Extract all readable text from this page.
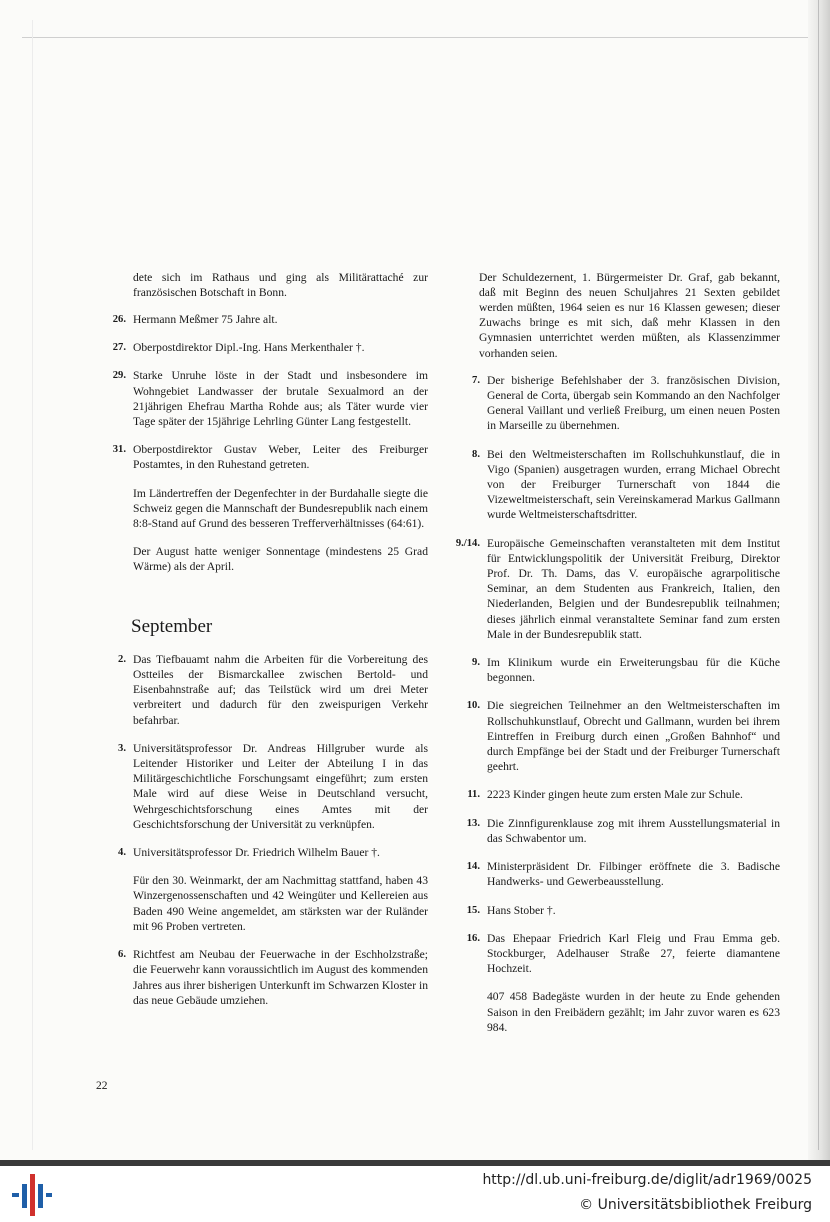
dete sich im Rathaus und ging als Militärattaché zur französischen Botschaft in Bonn.

26. Hermann Meßmer 75 Jahre alt.

27. Oberpostdirektor Dipl.-Ing. Hans Merkenthaler †.

29. Starke Unruhe löste in der Stadt und insbesondere im Wohngebiet Landwasser der brutale Sexualmord an der 21jährigen Ehefrau Martha Rohde aus; als Täter wurde vier Tage später der 15jährige Lehrling Günter Lang festgestellt.

31. Oberpostdirektor Gustav Weber, Leiter des Freiburger Postamtes, in den Ruhestand getreten.

Im Ländertreffen der Degenfechter in der Burdahalle siegte die Schweiz gegen die Mannschaft der Bundesrepublik nach einem 8:8-Stand auf Grund des besseren Trefferverhältnisses (64:61).

Der August hatte weniger Sonnentage (mindestens 25 Grad Wärme) als der April.

September
2. Das Tiefbauamt nahm die Arbeiten für die Vorbereitung des Ostteiles der Bismarckallee zwischen Bertold- und Eisenbahnstraße auf; das Teilstück wird um drei Meter verbreitert und dadurch für den zweispurigen Verkehr befahrbar.

3. Universitätsprofessor Dr. Andreas Hillgruber wurde als Leitender Historiker und Leiter der Abteilung I in das Militärgeschichtliche Forschungsamt eingeführt; zum ersten Male wird auf diese Weise in Deutschland versucht, Wehrgeschichtsforschung eines Amtes mit der Geschichtsforschung der Universität zu verknüpfen.

4. Universitätsprofessor Dr. Friedrich Wilhelm Bauer †.

Für den 30. Weinmarkt, der am Nachmittag stattfand, haben 43 Winzergenossenschaften und 42 Weingüter und Kellereien aus Baden 490 Weine angemeldet, am stärksten war der Ruländer mit 96 Proben vertreten.

6. Richtfest am Neubau der Feuerwache in der Eschholzstraße; die Feuerwehr kann voraussichtlich im August des kommenden Jahres aus ihrer bisherigen Unterkunft im Schwarzen Kloster in das neue Gebäude umziehen.

Der Schuldezernent, 1. Bürgermeister Dr. Graf, gab bekannt, daß mit Beginn des neuen Schuljahres 21 Sexten gebildet werden müßten, 1964 seien es nur 16 Klassen gewesen; dieser Zuwachs bringe es mit sich, daß mehr Klassen in den Gymnasien unterrichtet werden müßten, als Klassenzimmer vorhanden seien.

7. Der bisherige Befehlshaber der 3. französischen Division, General de Corta, übergab sein Kommando an den Nachfolger General Vaillant und verließ Freiburg, um einen neuen Posten in Marseille zu übernehmen.

8. Bei den Weltmeisterschaften im Rollschuhkunstlauf, die in Vigo (Spanien) ausgetragen wurden, errang Michael Obrecht von der Freiburger Turnerschaft von 1844 die Vizeweltmeisterschaft, sein Vereinskamerad Markus Gallmann wurde Weltmeisterschaftsdritter.

9./14. Europäische Gemeinschaften veranstalteten mit dem Institut für Entwicklungspolitik der Universität Freiburg, Direktor Prof. Dr. Th. Dams, das V. europäische agrarpolitische Seminar, an dem Studenten aus Frankreich, Italien, den Niederlanden, Belgien und der Bundesrepublik teilnahmen; dieses jährlich einmal veranstaltete Seminar fand zum ersten Male in der Bundesrepublik statt.

9. Im Klinikum wurde ein Erweiterungsbau für die Küche begonnen.

10. Die siegreichen Teilnehmer an den Weltmeisterschaften im Rollschuhkunstlauf, Obrecht und Gallmann, wurden bei ihrem Eintreffen in Freiburg durch einen „Großen Bahnhof“ und durch Empfänge bei der Stadt und der Freiburger Turnerschaft geehrt.

11. 2223 Kinder gingen heute zum ersten Male zur Schule.

13. Die Zinnfigurenklause zog mit ihrem Ausstellungsmaterial in das Schwabentor um.

14. Ministerpräsident Dr. Filbinger eröffnete die 3. Badische Handwerks- und Gewerbeausstellung.

15. Hans Stober †.

16. Das Ehepaar Friedrich Karl Fleig und Frau Emma geb. Stockburger, Adelhauser Straße 27, feierte diamantene Hochzeit.

407 458 Badegäste wurden in der heute zu Ende gehenden Saison in den Freibädern gezählt; im Jahr zuvor waren es 623 984.

22
http://dl.ub.uni-freiburg.de/diglit/adr1969/0025
© Universitätsbibliothek Freiburg
